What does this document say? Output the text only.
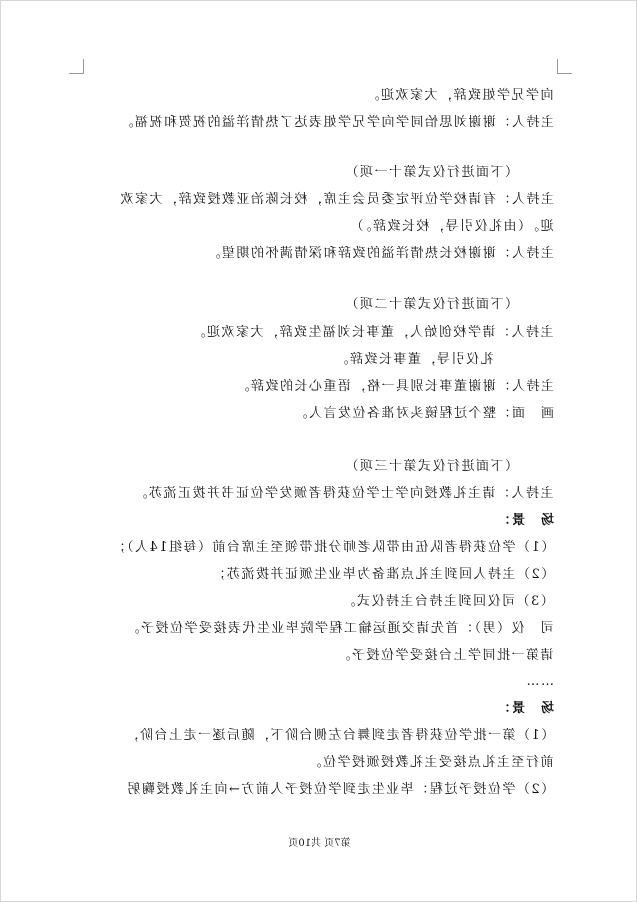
向学兄学姐致辞，大家欢迎。
主持人：谢谢刘思怡同学向学兄学姐表达了热情洋溢的祝贺和祝福。
（下面进行仪式第十一项）
主持人：有请校学位评定委员会主席，校长陈治亚教授致辞，大家欢
迎。（由礼仪引导，校长致辞。）
主持人：谢谢校长热情洋溢的致辞和深情满怀的期望。
（下面进行仪式第十二项）
主持人：请学校创始人，董事长刘福生致辞，大家欢迎。
礼仪引导，董事长致辞。
主持人：谢谢董事长别具一格，语重心长的致辞。
画　面：整个过程镜头对准各位发言人。
（下面进行仪式第十三项）
主持人：请主礼教授向学士学位获得者颁发学位证书并拨正流苏。
场　景：
（1）学位获得者队伍由带队老师分批带领至主席台前（每组14人）；
（2）主持人回到主礼点准备为毕业生颁证并拨流苏；
（3）司仪回到主持台主持仪式。
司　仪（男）：首先请交通运输工程学院毕业生代表接受学位授予。
请第一批同学上台接受学位授予。
……
场　景：
（1）第一批学位获得者走到舞台左侧台阶下，随后逐一走上台阶，
前行至主礼点接受主礼教授颁授学位。
（2）学位授予过程：毕业生走到学位授予人前方→向主礼教授鞠躬
第7页 共10页
